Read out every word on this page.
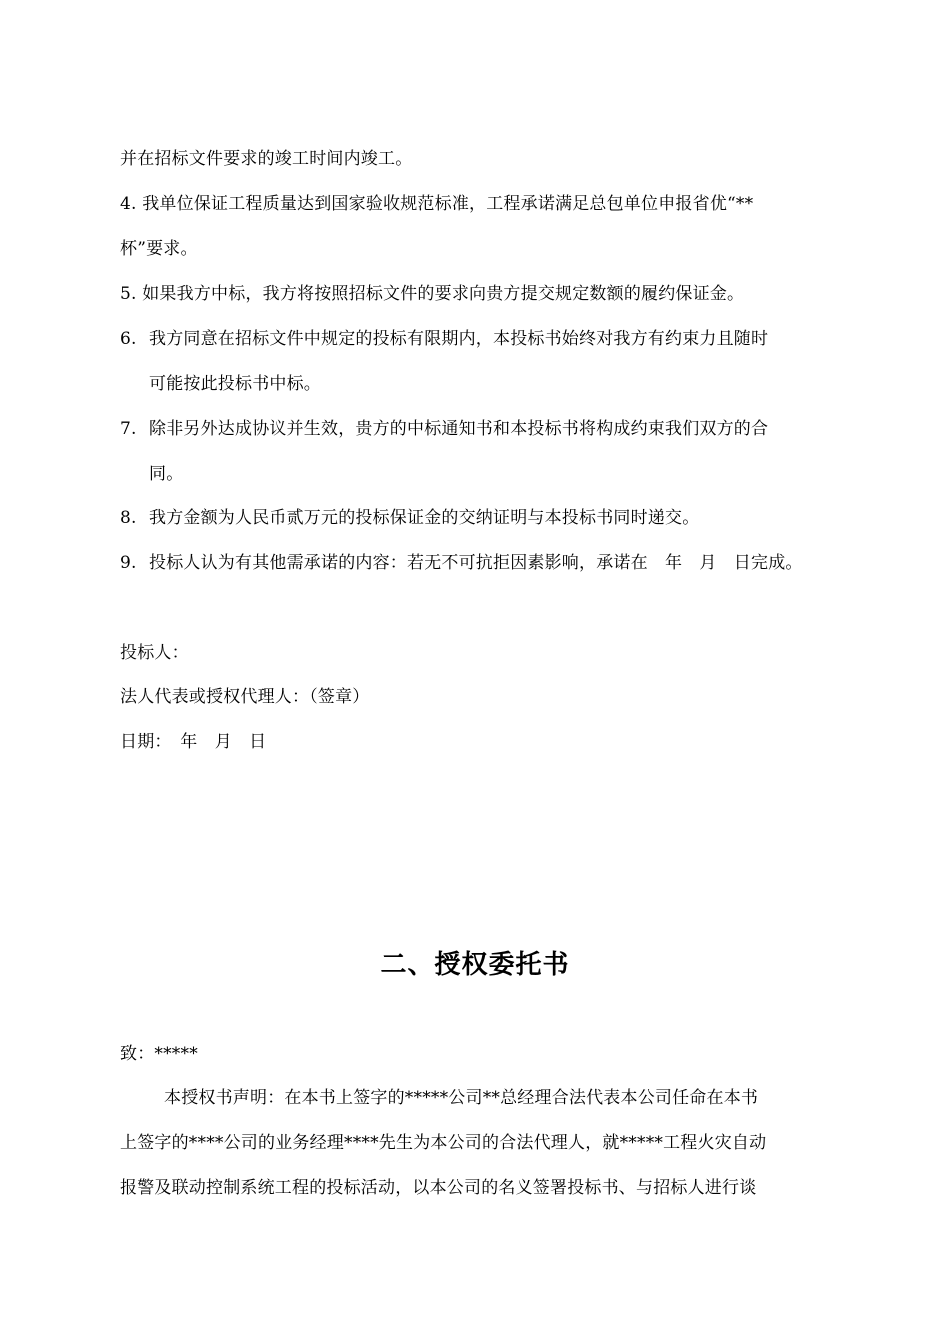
并在招标文件要求的竣工时间内竣工。
4. 我单位保证工程质量达到国家验收规范标准，工程承诺满足总包单位申报省优“**
杯”要求。
5. 如果我方中标，我方将按照招标文件的要求向贵方提交规定数额的履约保证金。
6. 我方同意在招标文件中规定的投标有限期内，本投标书始终对我方有约束力且随时
可能按此投标书中标。
7. 除非另外达成协议并生效，贵方的中标通知书和本投标书将构成约束我们双方的合
同。
8. 我方金额为人民币贰万元的投标保证金的交纳证明与本投标书同时递交。
9. 投标人认为有其他需承诺的内容：若无不可抗拒因素影响，承诺在　年　月　日完成。
投标人：
法人代表或授权代理人：（签章）
日期：　年　月　日
二、授权委托书
致：*****
本授权书声明：在本书上签字的*****公司**总经理合法代表本公司任命在本书
上签字的****公司的业务经理****先生为本公司的合法代理人，就*****工程火灾自动
报警及联动控制系统工程的投标活动，以本公司的名义签署投标书、与招标人进行谈
